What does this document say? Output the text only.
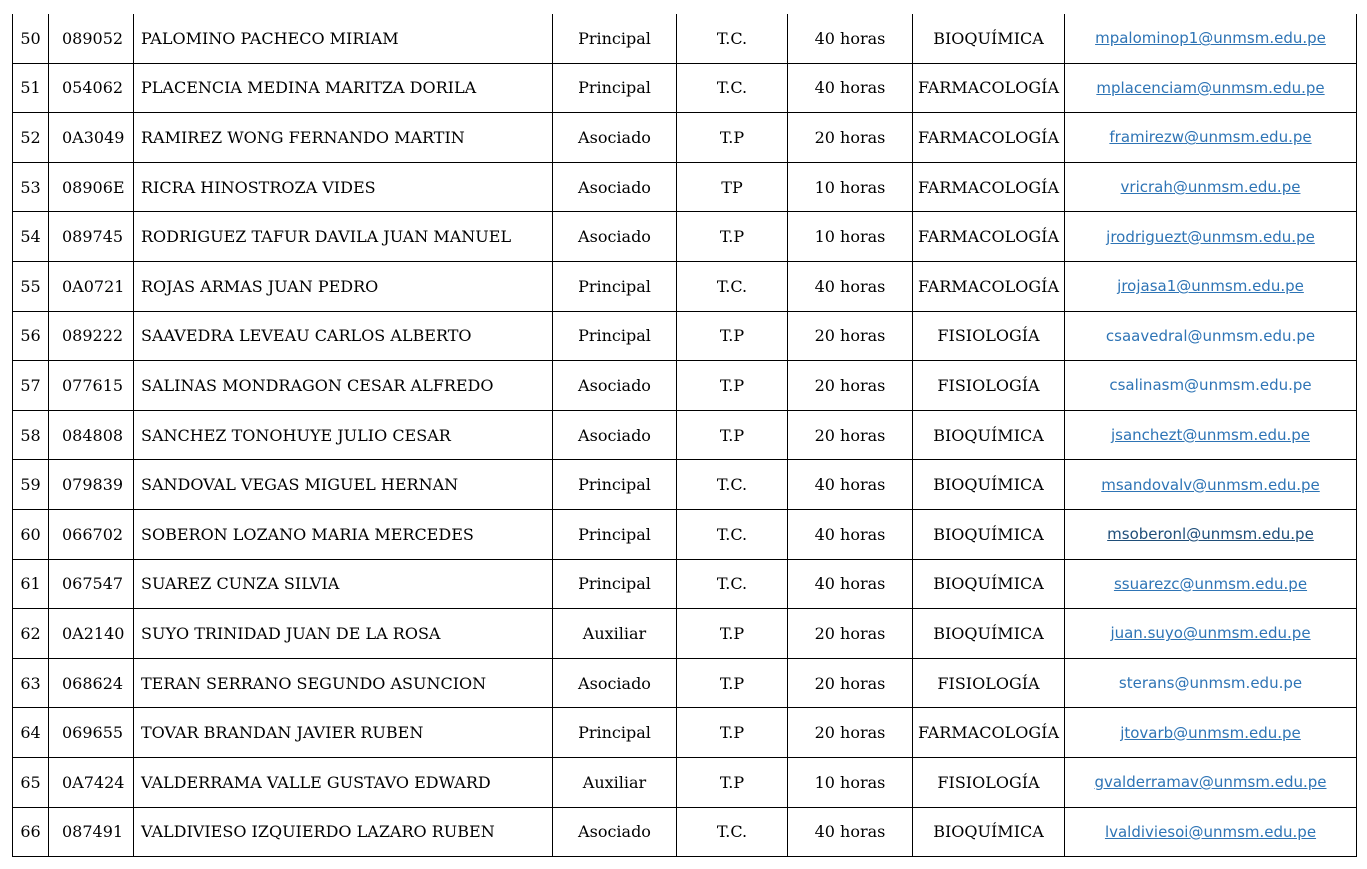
50	089052	PALOMINO PACHECO MIRIAM	Principal	T.C.	40 horas	BIOQUÍMICA	mpalominop1@unmsm.edu.pe
51	054062	PLACENCIA MEDINA MARITZA DORILA	Principal	T.C.	40 horas	FARMACOLOGÍA	mplacenciam@unmsm.edu.pe
52	0A3049	RAMIREZ WONG FERNANDO MARTIN	Asociado	T.P	20 horas	FARMACOLOGÍA	framirezw@unmsm.edu.pe
53	08906E	RICRA HINOSTROZA VIDES	Asociado	TP	10 horas	FARMACOLOGÍA	vricrah@unmsm.edu.pe
54	089745	RODRIGUEZ TAFUR DAVILA JUAN MANUEL	Asociado	T.P	10 horas	FARMACOLOGÍA	jrodriguezt@unmsm.edu.pe
55	0A0721	ROJAS ARMAS JUAN PEDRO	Principal	T.C.	40 horas	FARMACOLOGÍA	jrojasa1@unmsm.edu.pe
56	089222	SAAVEDRA LEVEAU CARLOS ALBERTO	Principal	T.P	20 horas	FISIOLOGÍA	csaavedral@unmsm.edu.pe
57	077615	SALINAS MONDRAGON CESAR ALFREDO	Asociado	T.P	20 horas	FISIOLOGÍA	csalinasm@unmsm.edu.pe
58	084808	SANCHEZ TONOHUYE JULIO CESAR	Asociado	T.P	20 horas	BIOQUÍMICA	jsanchezt@unmsm.edu.pe
59	079839	SANDOVAL VEGAS MIGUEL HERNAN	Principal	T.C.	40 horas	BIOQUÍMICA	msandovalv@unmsm.edu.pe
60	066702	SOBERON LOZANO MARIA MERCEDES	Principal	T.C.	40 horas	BIOQUÍMICA	msoberonl@unmsm.edu.pe
61	067547	SUAREZ CUNZA SILVIA	Principal	T.C.	40 horas	BIOQUÍMICA	ssuarezc@unmsm.edu.pe
62	0A2140	SUYO TRINIDAD JUAN DE LA ROSA	Auxiliar	T.P	20 horas	BIOQUÍMICA	juan.suyo@unmsm.edu.pe
63	068624	TERAN SERRANO SEGUNDO ASUNCION	Asociado	T.P	20 horas	FISIOLOGÍA	sterans@unmsm.edu.pe
64	069655	TOVAR BRANDAN JAVIER RUBEN	Principal	T.P	20 horas	FARMACOLOGÍA	jtovarb@unmsm.edu.pe
65	0A7424	VALDERRAMA VALLE GUSTAVO EDWARD	Auxiliar	T.P	10 horas	FISIOLOGÍA	gvalderramav@unmsm.edu.pe
66	087491	VALDIVIESO IZQUIERDO LAZARO RUBEN	Asociado	T.C.	40 horas	BIOQUÍMICA	lvaldiviesoi@unmsm.edu.pe
